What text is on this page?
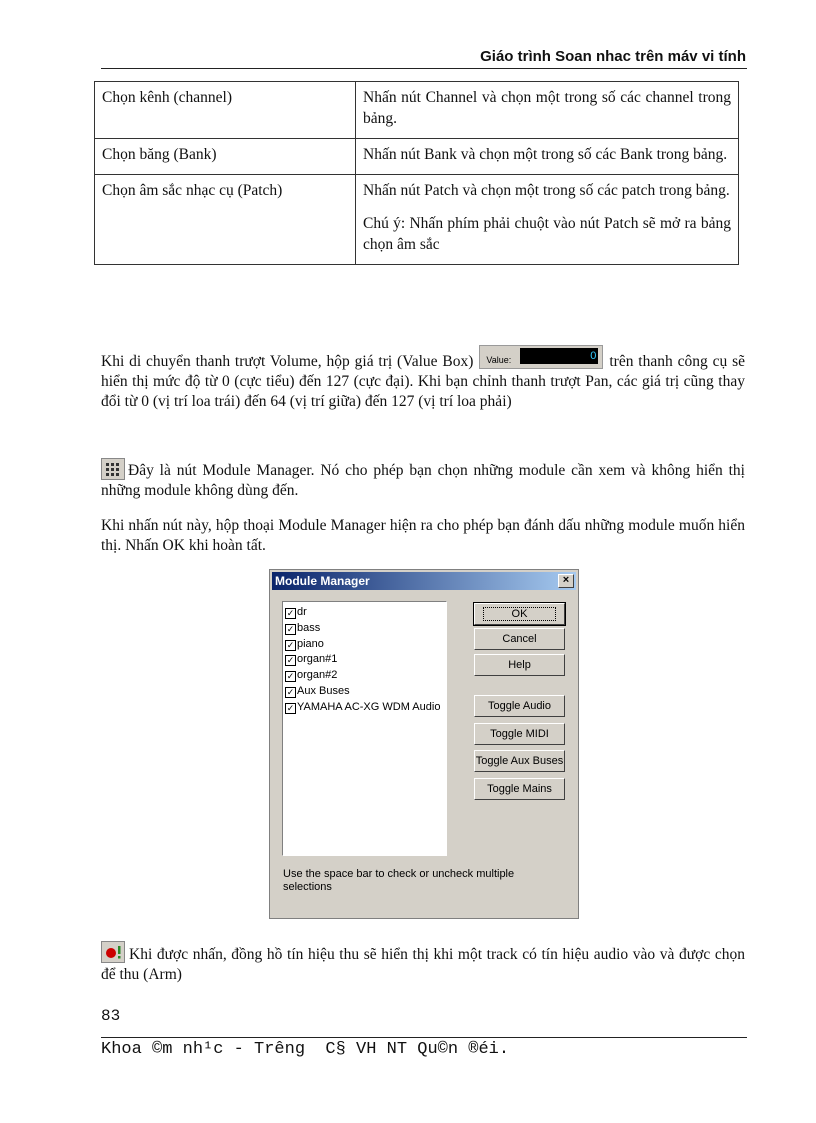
Giáo trình Soan nhac trên máv vi tính
Chọn kênh (channel)	Nhấn nút Channel và chọn một trong số các channel trong bảng.
Chọn băng (Bank)	Nhấn nút Bank và chọn một trong số các Bank trong bảng.
Chọn âm sắc nhạc cụ (Patch)	Nhấn nút Patch và chọn một trong số các patch trong bảng.
Chú ý: Nhấn phím phải chuột vào nút Patch sẽ mở ra bảng chọn âm sắc
Khi di chuyển thanh trượt Volume, hộp giá trị (Value Box) Value:	0 trên thanh công cụ sẽ hiển thị mức độ từ 0 (cực tiểu) đến 127 (cực đại). Khi bạn chỉnh thanh trượt Pan, các giá trị cũng thay đổi từ 0 (vị trí loa trái) đến 64 (vị trí giữa) đến 127 (vị trí loa phải)
Đây là nút Module Manager. Nó cho phép bạn chọn những module cần xem và không hiển thị những module không dùng đến.
Khi nhấn nút này, hộp thoại Module Manager hiện ra cho phép bạn đánh dấu những module muốn hiển thị. Nhấn OK khi hoàn tất.
Module Manager	×
✓ dr
✓ bass
✓ piano
✓ organ#1
✓ organ#2
✓ Aux Buses
✓ YAMAHA AC-XG WDM Audio
OK
Cancel
Help
Toggle Audio
Toggle MIDI
Toggle Aux Buses
Toggle Mains
Use the space bar to check or uncheck multiple selections
Khi được nhấn, đồng hồ tín hiệu thu sẽ hiển thị khi một track có tín hiệu audio vào và được chọn để thu (Arm)
83
Khoa ©m nh¹c - Trêng  C§ VH NT Qu©n ®éi.
